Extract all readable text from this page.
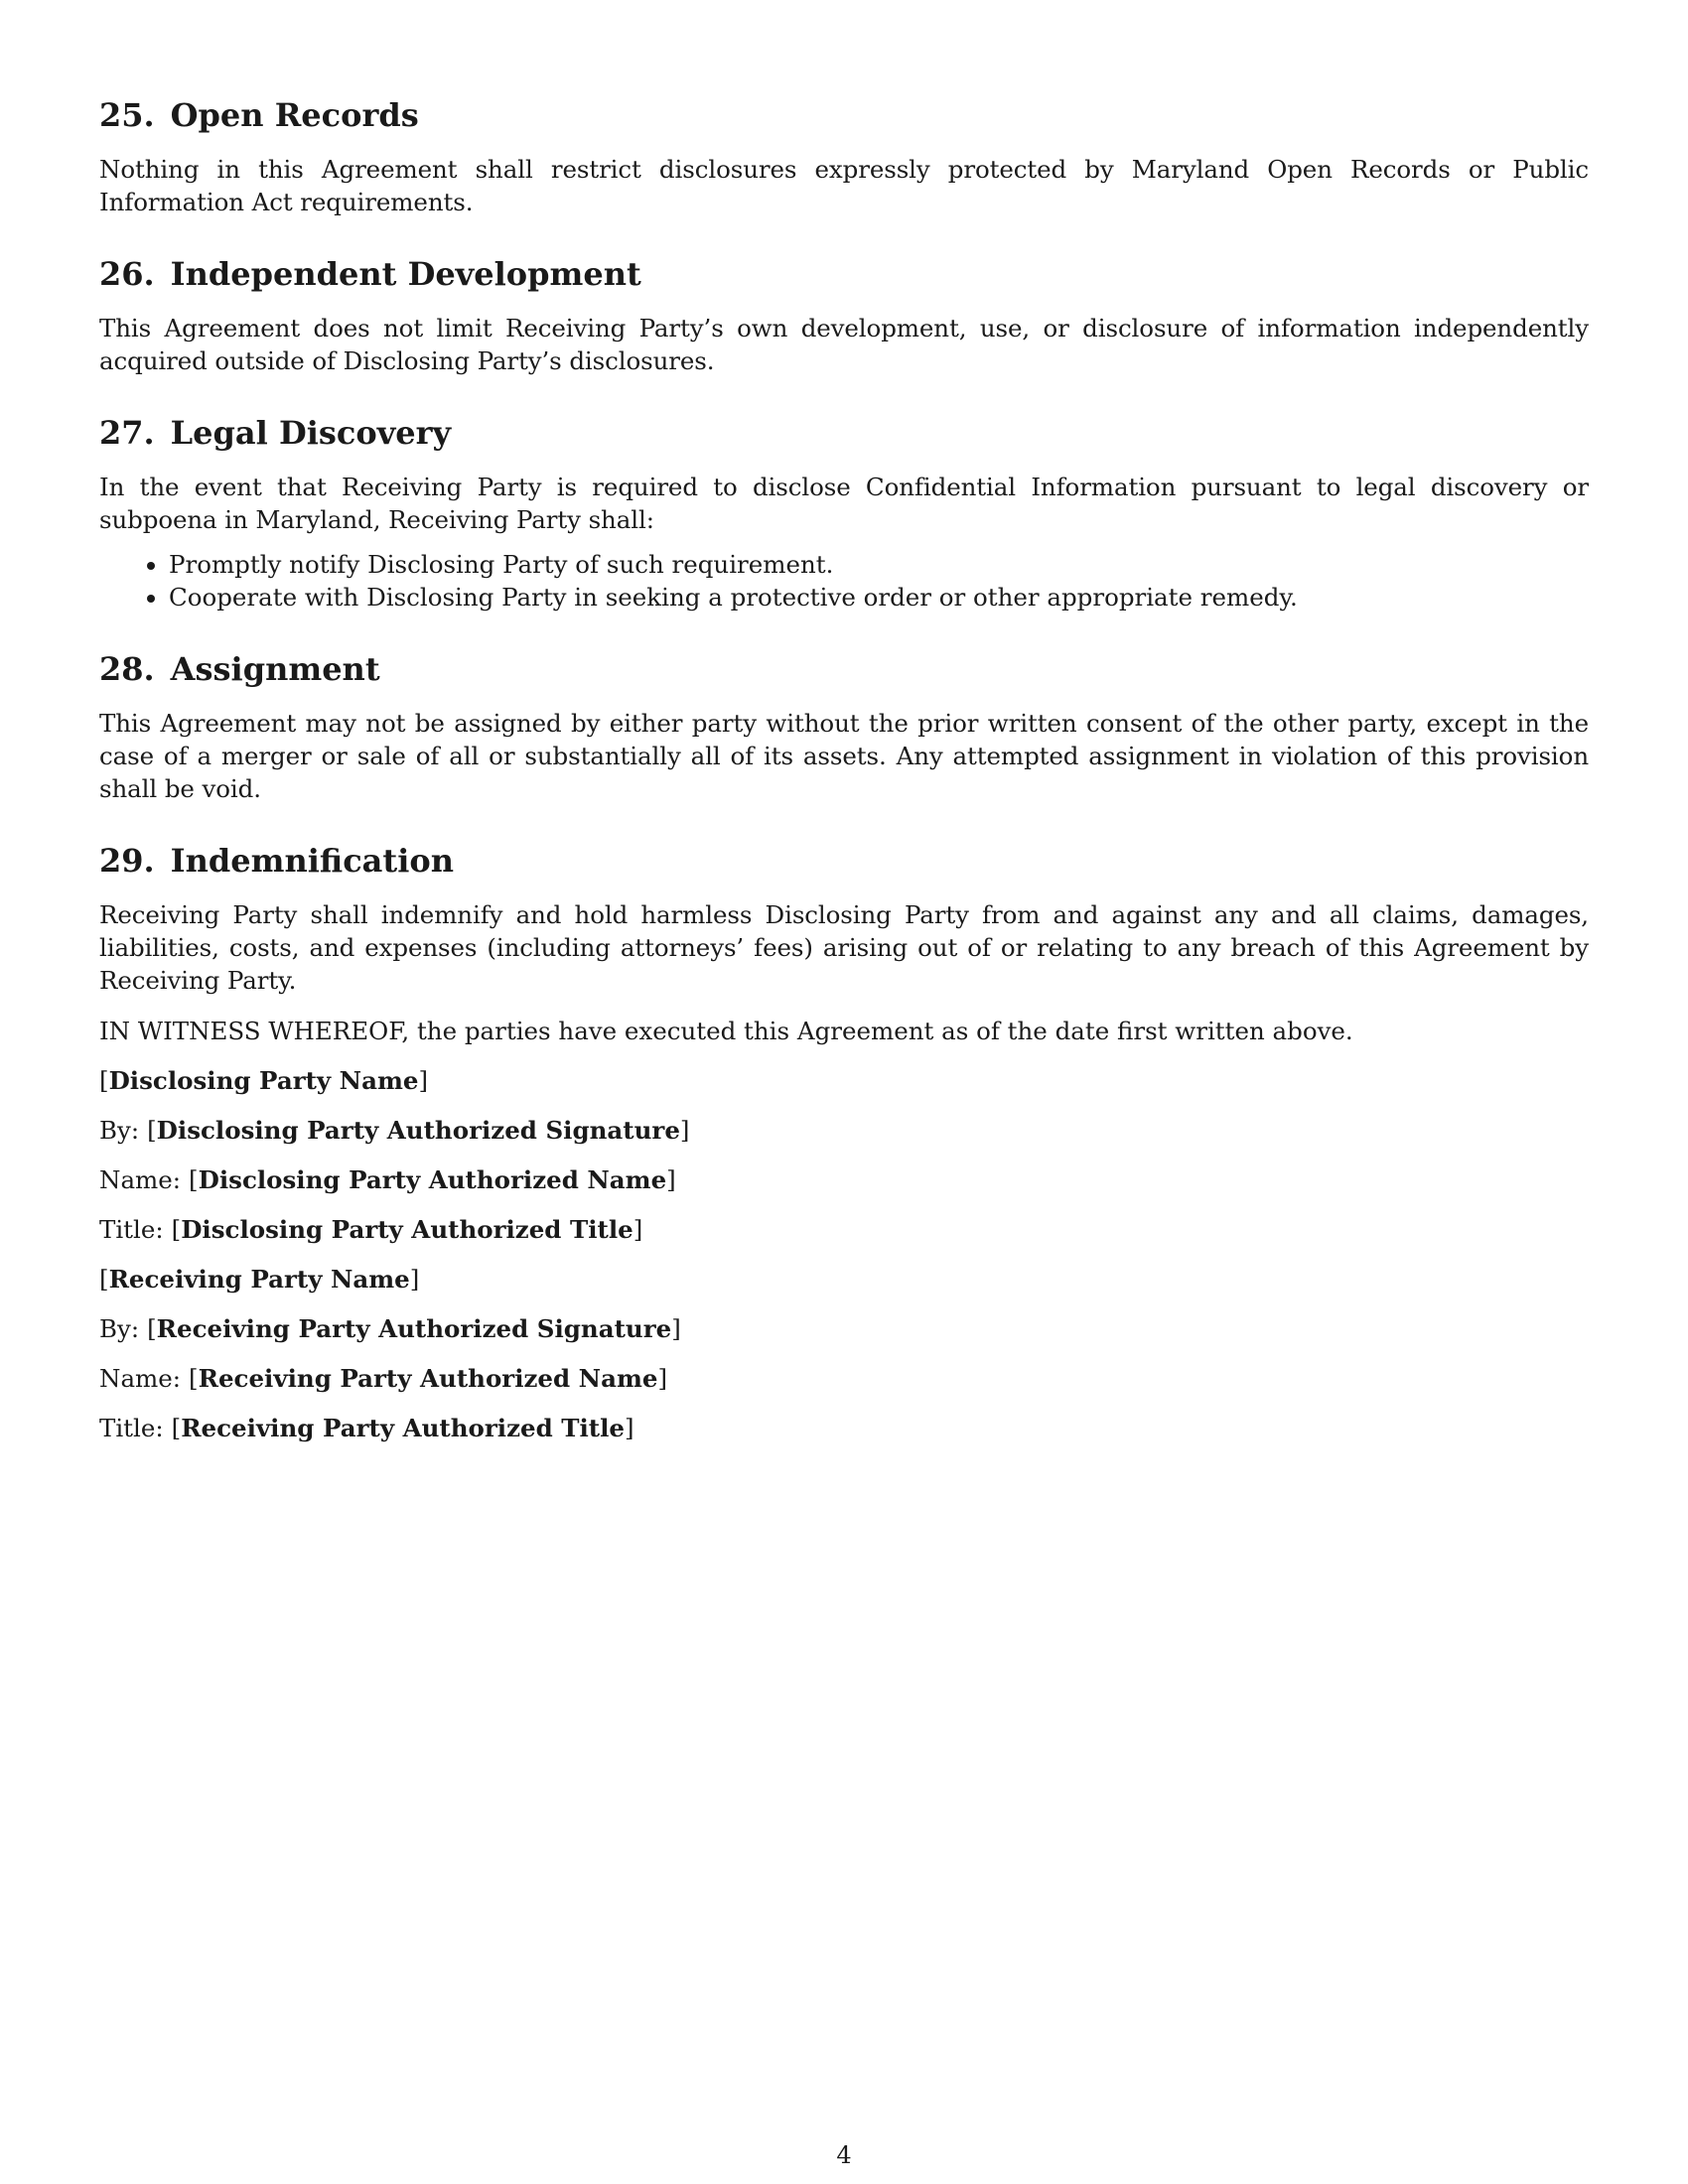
25. Open Records

Nothing in this Agreement shall restrict disclosures expressly protected by Maryland Open Records or Public Information Act requirements.

26. Independent Development

This Agreement does not limit Receiving Party’s own development, use, or disclosure of information independently acquired outside of Disclosing Party’s disclosures.

27. Legal Discovery

In the event that Receiving Party is required to disclose Confidential Information pursuant to legal discovery or subpoena in Maryland, Receiving Party shall:

• Promptly notify Disclosing Party of such requirement.
• Cooperate with Disclosing Party in seeking a protective order or other appropriate remedy.
28. Assignment

This Agreement may not be assigned by either party without the prior written consent of the other party, except in the case of a merger or sale of all or substantially all of its assets. Any attempted assignment in violation of this provision shall be void.

29. Indemnification

Receiving Party shall indemnify and hold harmless Disclosing Party from and against any and all claims, damages, liabilities, costs, and expenses (including attorneys’ fees) arising out of or relating to any breach of this Agreement by Receiving Party.

IN WITNESS WHEREOF, the parties have executed this Agreement as of the date first written above.

[Disclosing Party Name]

By: [Disclosing Party Authorized Signature]

Name: [Disclosing Party Authorized Name]

Title: [Disclosing Party Authorized Title]

[Receiving Party Name]

By: [Receiving Party Authorized Signature]

Name: [Receiving Party Authorized Name]

Title: [Receiving Party Authorized Title]

4
